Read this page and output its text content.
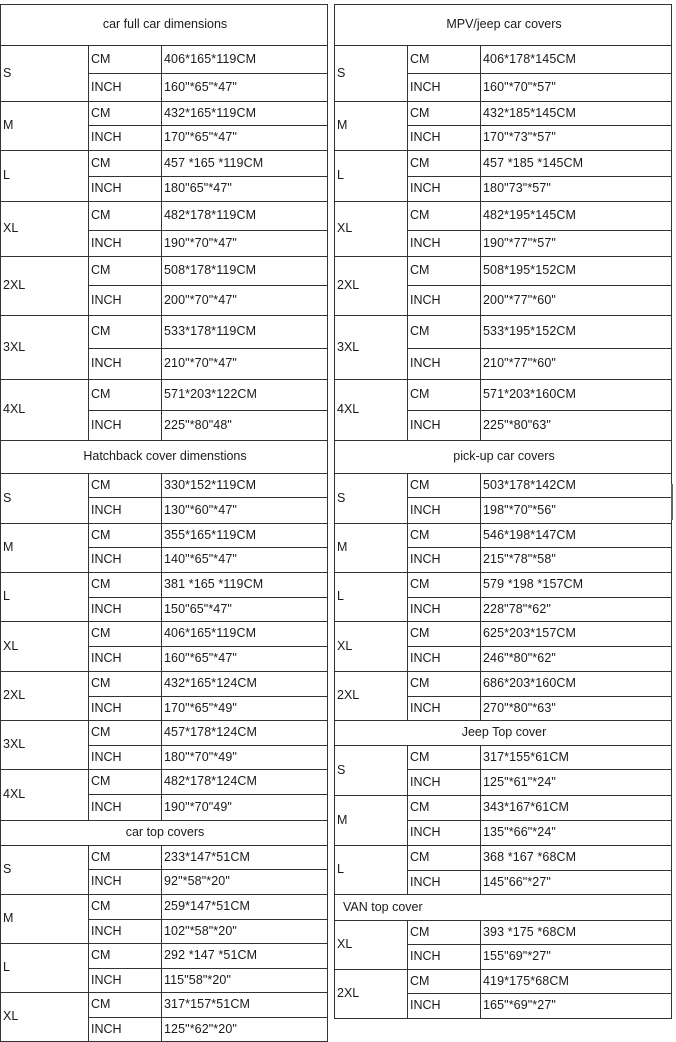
car full car dimensions		
S	CM	406*165*119CM
	INCH	160"*65"*47"
M	CM	432*165*119CM
	INCH	170"*65"*47"
L	CM	457 *165 *119CM
	INCH	180"65"*47"
XL	CM	482*178*119CM
	INCH	190"*70"*47"
2XL	CM	508*178*119CM
	INCH	200"*70"*47"
3XL	CM	533*178*119CM
	INCH	210"*70"*47"
4XL	CM	571*203*122CM
	INCH	225"*80"48"
Hatchback cover dimenstions		
S	CM	330*152*119CM
	INCH	130"*60"*47"
M	CM	355*165*119CM
	INCH	140"*65"*47"
L	CM	381 *165 *119CM
	INCH	150"65"*47"
XL	CM	406*165*119CM
	INCH	160"*65"*47"
2XL	CM	432*165*124CM
	INCH	170"*65"*49"
3XL	CM	457*178*124CM
	INCH	180"*70"*49"
4XL	CM	482*178*124CM
	INCH	190"*70"49"
car top covers		
S	CM	233*147*51CM
	INCH	92"*58"*20"
M	CM	259*147*51CM
	INCH	102"*58"*20"
L	CM	292 *147 *51CM
	INCH	115"58"*20"
XL	CM	317*157*51CM
	INCH	125"*62"*20"
MPV/jeep car covers		
S	CM	406*178*145CM
	INCH	160"*70"*57"
M	CM	432*185*145CM
	INCH	170"*73"*57"
L	CM	457 *185 *145CM
	INCH	180"73"*57"
XL	CM	482*195*145CM
	INCH	190"*77"*57"
2XL	CM	508*195*152CM
	INCH	200"*77"*60"
3XL	CM	533*195*152CM
	INCH	210"*77"*60"
4XL	CM	571*203*160CM
	INCH	225"*80"63"
pick-up car covers		
S	CM	503*178*142CM
	INCH	198"*70"*56"
M	CM	546*198*147CM
	INCH	215"*78"*58"
L	CM	579 *198 *157CM
	INCH	228"78"*62"
XL	CM	625*203*157CM
	INCH	246"*80"*62"
2XL	CM	686*203*160CM
	INCH	270"*80"*63"
Jeep Top cover		
S	CM	317*155*61CM
	INCH	125"*61"*24"
M	CM	343*167*61CM
	INCH	135"*66"*24"
L	CM	368 *167 *68CM
	INCH	145"66"*27"
VAN top cover		
XL	CM	393 *175 *68CM
	INCH	155"69"*27"
2XL	CM	419*175*68CM
	INCH	165"*69"*27"
